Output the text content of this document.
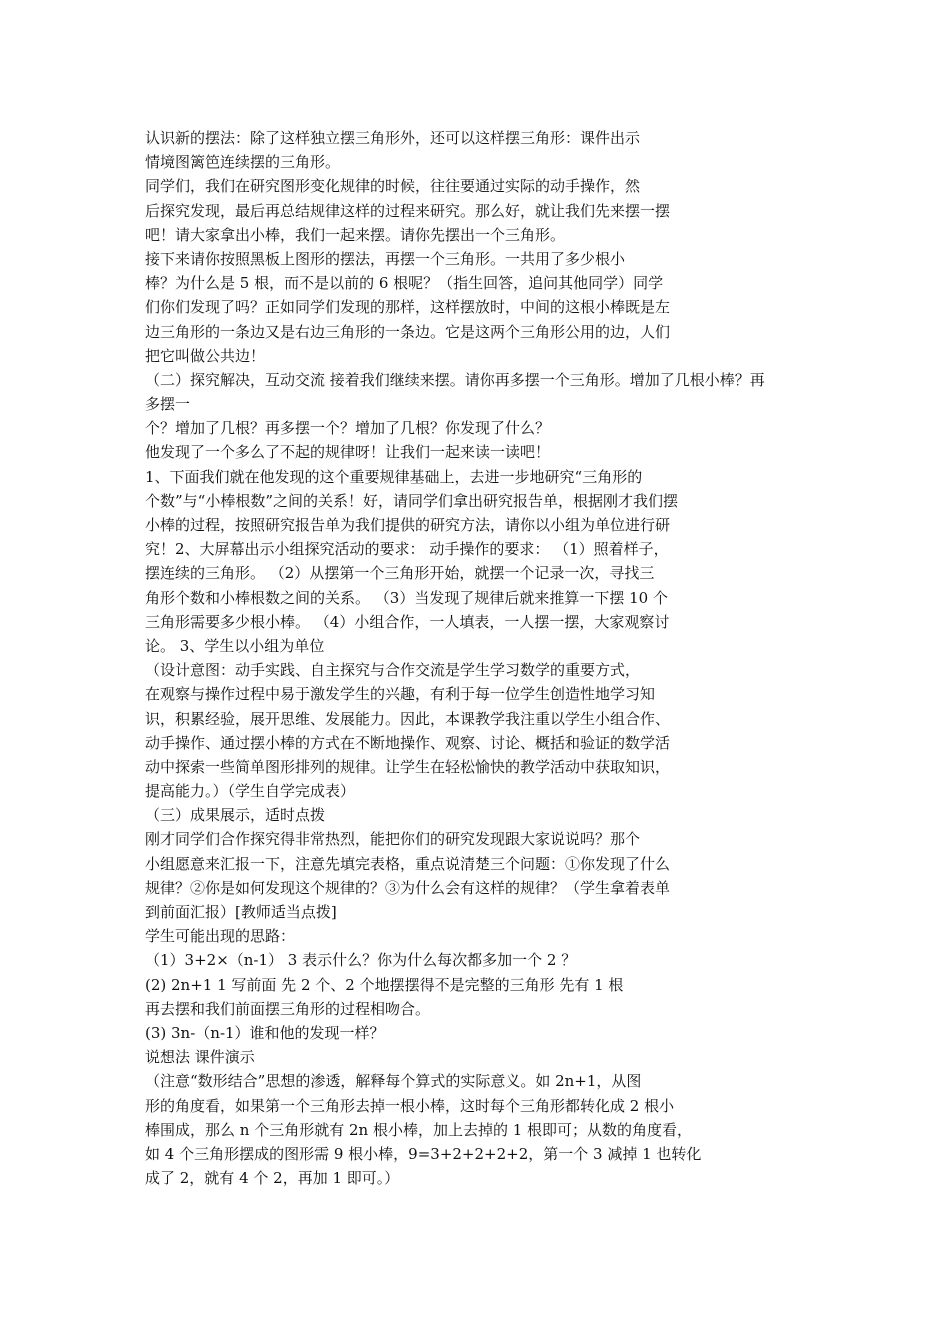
认识新的摆法：除了这样独立摆三角形外，还可以这样摆三角形：课件出示
情境图篱笆连续摆的三角形。
同学们，我们在研究图形变化规律的时候，往往要通过实际的动手操作，然
后探究发现，最后再总结规律这样的过程来研究。那么好，就让我们先来摆一摆
吧！请大家拿出小棒，我们一起来摆。请你先摆出一个三角形。
接下来请你按照黑板上图形的摆法，再摆一个三角形。一共用了多少根小
棒？为什么是 5 根，而不是以前的 6 根呢？（指生回答，追问其他同学）同学
们你们发现了吗？正如同学们发现的那样，这样摆放时，中间的这根小棒既是左
边三角形的一条边又是右边三角形的一条边。它是这两个三角形公用的边，人们
把它叫做公共边！
（二）探究解决，互动交流 接着我们继续来摆。请你再多摆一个三角形。增加了几根小棒？再
多摆一
个？增加了几根？再多摆一个？增加了几根？你发现了什么？
他发现了一个多么了不起的规律呀！让我们一起来读一读吧！
1、下面我们就在他发现的这个重要规律基础上，去进一步地研究“三角形的
个数”与“小棒根数”之间的关系！好，请同学们拿出研究报告单，根据刚才我们摆
小棒的过程，按照研究报告单为我们提供的研究方法，请你以小组为单位进行研
究！2、大屏幕出示小组探究活动的要求： 动手操作的要求： （1）照着样子，
摆连续的三角形。 （2）从摆第一个三角形开始，就摆一个记录一次，寻找三
角形个数和小棒根数之间的关系。 （3）当发现了规律后就来推算一下摆 10 个
三角形需要多少根小棒。 （4）小组合作，一人填表，一人摆一摆，大家观察讨
论。 3、学生以小组为单位
（设计意图：动手实践、自主探究与合作交流是学生学习数学的重要方式，
在观察与操作过程中易于激发学生的兴趣，有利于每一位学生创造性地学习知
识，积累经验，展开思维、发展能力。因此，本课教学我注重以学生小组合作、
动手操作、通过摆小棒的方式在不断地操作、观察、讨论、概括和验证的数学活
动中探索一些简单图形排列的规律。让学生在轻松愉快的教学活动中获取知识，
提高能力。）（学生自学完成表）
（三）成果展示，适时点拨
刚才同学们合作探究得非常热烈，能把你们的研究发现跟大家说说吗？那个
小组愿意来汇报一下，注意先填完表格，重点说清楚三个问题：①你发现了什么
规律？②你是如何发现这个规律的？③为什么会有这样的规律？（学生拿着表单
到前面汇报）[教师适当点拨]
学生可能出现的思路：
（1）3+2×（n-1） 3 表示什么？你为什么每次都多加一个 2 ？
(2) 2n+1 1 写前面 先 2 个、2 个地摆摆得不是完整的三角形 先有 1 根
再去摆和我们前面摆三角形的过程相吻合。
(3) 3n-（n-1）谁和他的发现一样？
说想法 课件演示
（注意“数形结合”思想的渗透，解释每个算式的实际意义。如 2n+1，从图
形的角度看，如果第一个三角形去掉一根小棒，这时每个三角形都转化成 2 根小
棒围成，那么 n 个三角形就有 2n 根小棒，加上去掉的 1 根即可；从数的角度看，
如 4 个三角形摆成的图形需 9 根小棒，9=3+2+2+2+2，第一个 3 减掉 1 也转化
成了 2，就有 4 个 2，再加 1 即可。）
